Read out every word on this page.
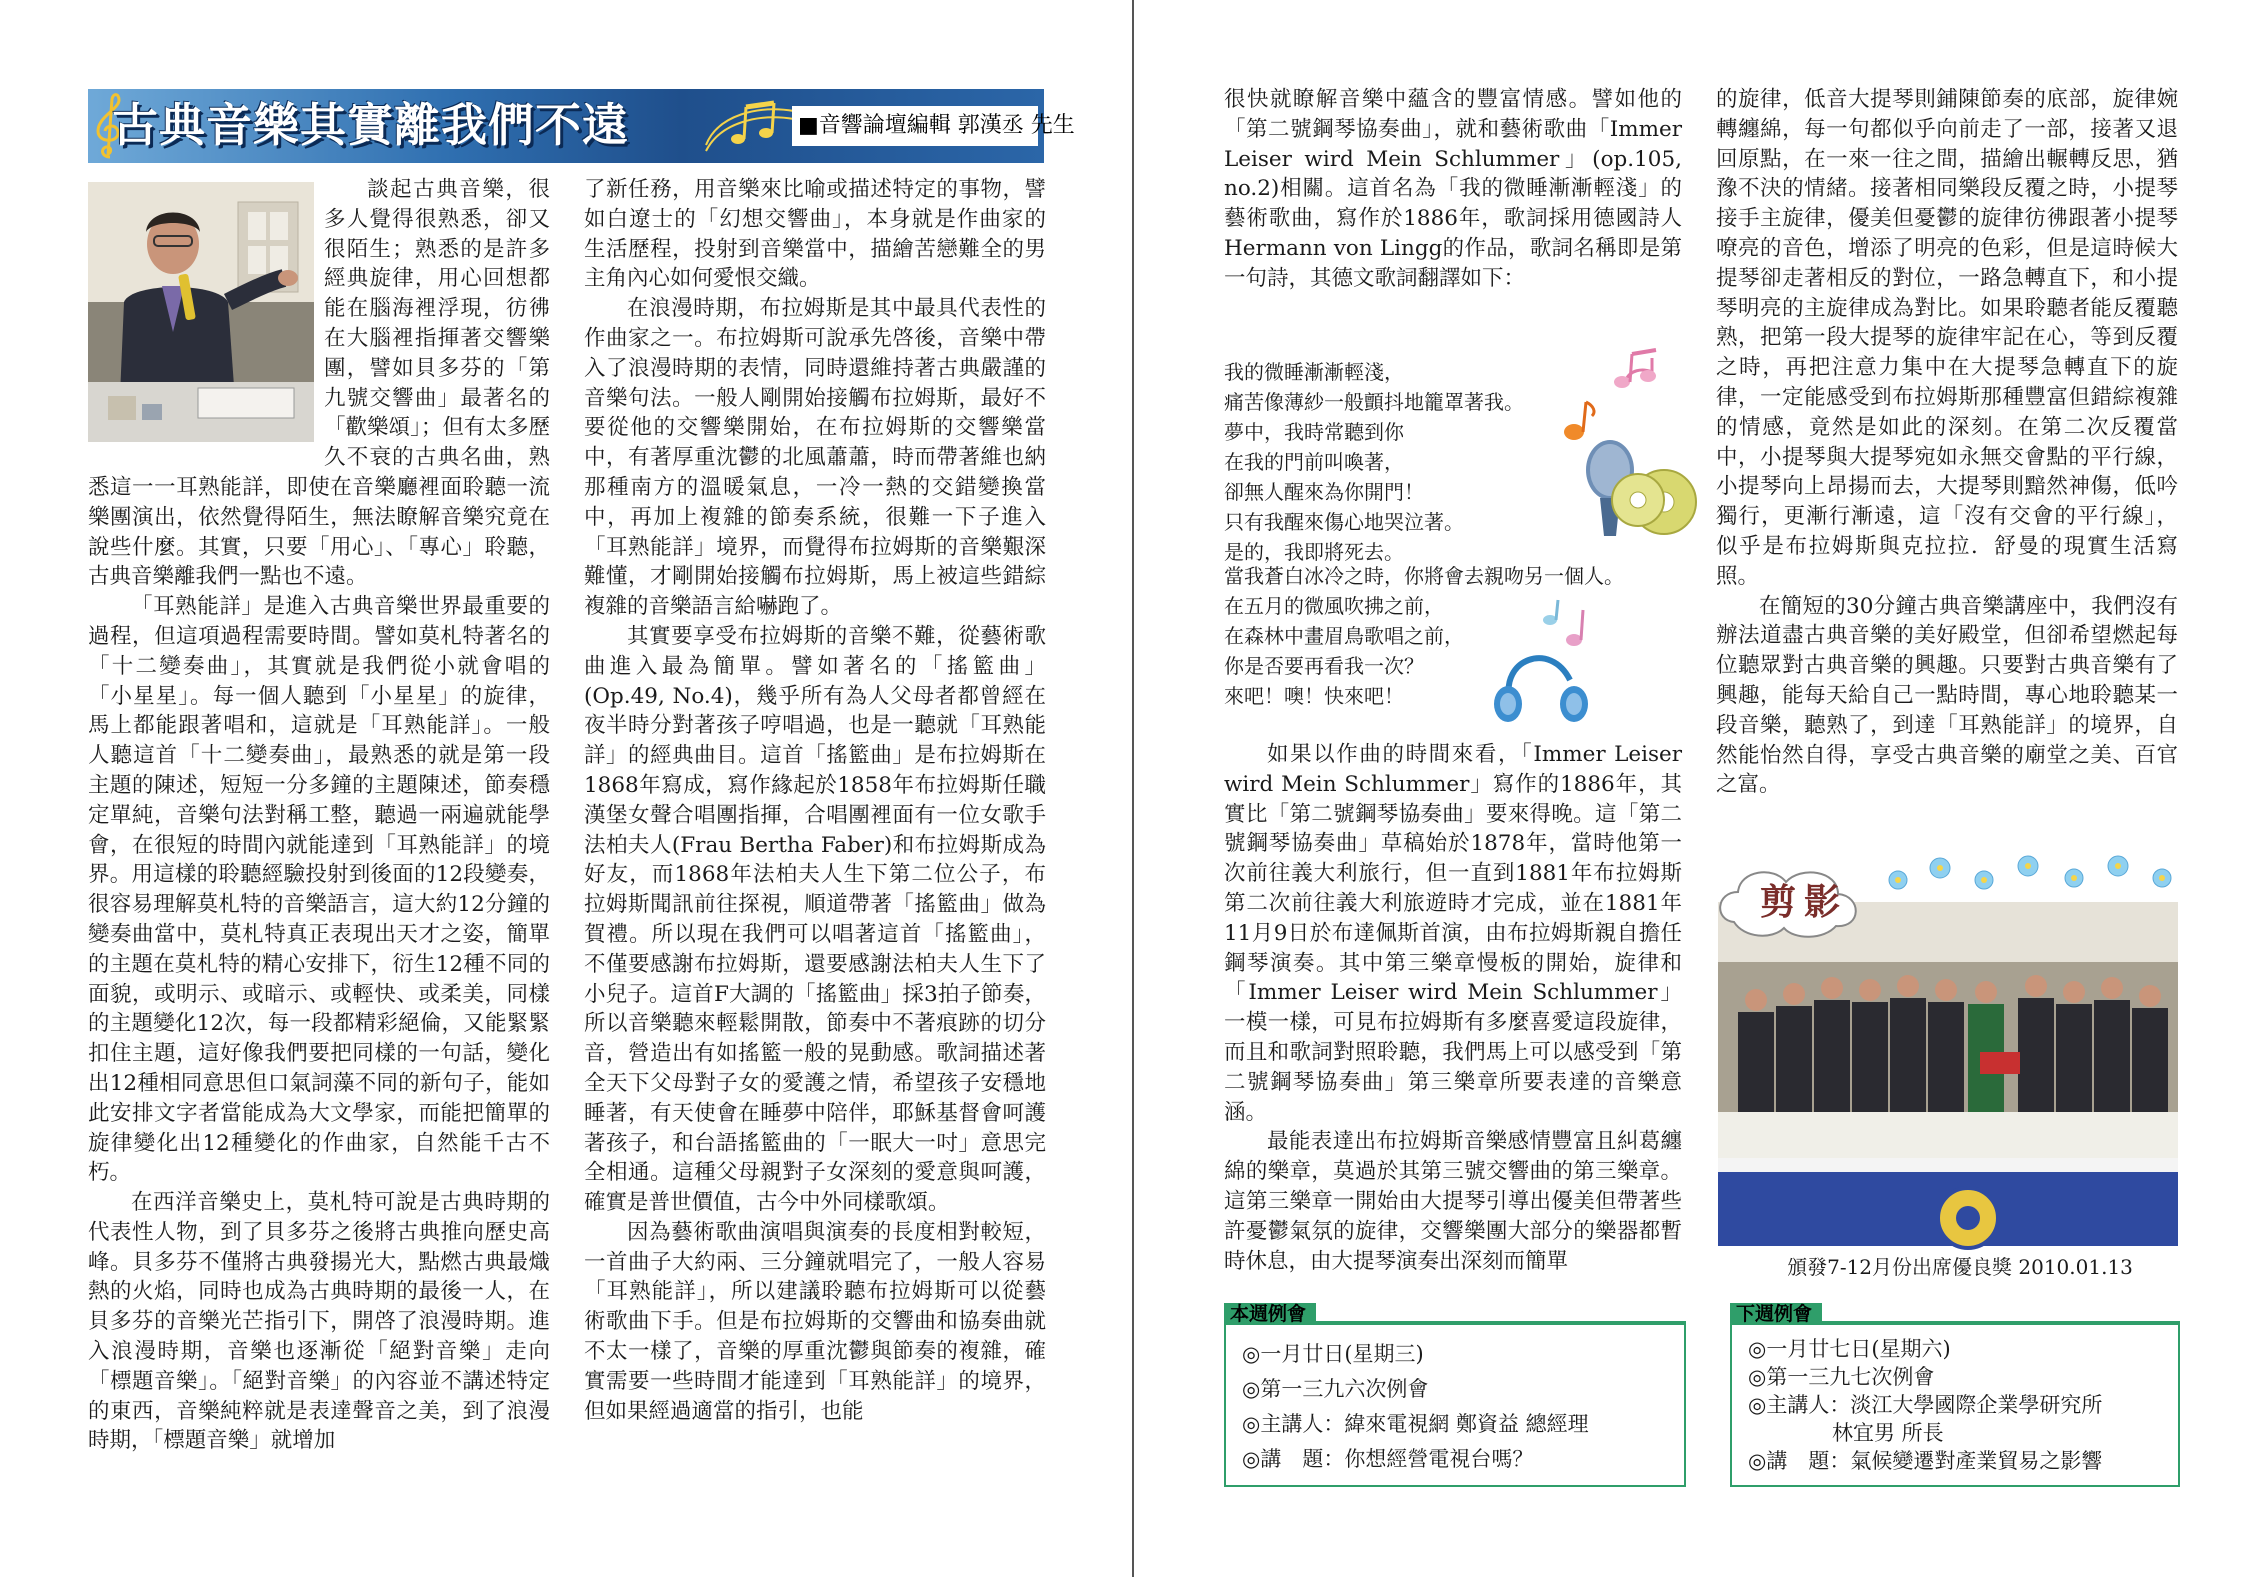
古典音樂其實離我們不遠	■音響論壇編輯 郭漢丞 先生

談起古典音樂，很多人覺得很熟悉，卻又很陌生；熟悉的是許多經典旋律，用心回想都能在腦海裡浮現，彷彿在大腦裡指揮著交響樂團，譬如貝多芬的「第九號交響曲」最著名的「歡樂頌」；但有太多歷久不衰的古典名曲，熟悉這一一耳熟能詳，即使在音樂廳裡面聆聽一流樂團演出，依然覺得陌生，無法瞭解音樂究竟在說些什麼。其實，只要「用心」、「專心」聆聽，古典音樂離我們一點也不遠。

「耳熟能詳」是進入古典音樂世界最重要的過程，但這項過程需要時間。譬如莫札特著名的「十二變奏曲」，其實就是我們從小就會唱的「小星星」。每一個人聽到「小星星」的旋律，馬上都能跟著唱和，這就是「耳熟能詳」。一般人聽這首「十二變奏曲」，最熟悉的就是第一段主題的陳述，短短一分多鐘的主題陳述，節奏穩定單純，音樂句法對稱工整，聽過一兩遍就能學會，在很短的時間內就能達到「耳熟能詳」的境界。用這樣的聆聽經驗投射到後面的12段變奏，很容易理解莫札特的音樂語言，這大約12分鐘的變奏曲當中，莫札特真正表現出天才之姿，簡單的主題在莫札特的精心安排下，衍生12種不同的面貌，或明示、或暗示、或輕快、或柔美，同樣的主題變化12次，每一段都精彩絕倫，又能緊緊扣住主題，這好像我們要把同樣的一句話，變化出12種相同意思但口氣詞藻不同的新句子，能如此安排文字者當能成為大文學家，而能把簡單的旋律變化出12種變化的作曲家，自然能千古不朽。

在西洋音樂史上，莫札特可說是古典時期的代表性人物，到了貝多芬之後將古典推向歷史高峰。貝多芬不僅將古典發揚光大，點燃古典最熾熱的火焰，同時也成為古典時期的最後一人，在貝多芬的音樂光芒指引下，開啓了浪漫時期。進入浪漫時期，音樂也逐漸從「絕對音樂」走向「標題音樂」。「絕對音樂」的內容並不講述特定的東西，音樂純粹就是表達聲音之美，到了浪漫時期，「標題音樂」就增加

了新任務，用音樂來比喻或描述特定的事物，譬如白遼士的「幻想交響曲」，本身就是作曲家的生活歷程，投射到音樂當中，描繪苦戀難全的男主角內心如何愛恨交織。

在浪漫時期，布拉姆斯是其中最具代表性的作曲家之一。布拉姆斯可說承先啓後，音樂中帶入了浪漫時期的表情，同時還維持著古典嚴謹的音樂句法。一般人剛開始接觸布拉姆斯，最好不要從他的交響樂開始，在布拉姆斯的交響樂當中，有著厚重沈鬱的北風蕭蕭，時而帶著維也納那種南方的溫暖氣息，一冷一熱的交錯變換當中，再加上複雜的節奏系統，很難一下子進入「耳熟能詳」境界，而覺得布拉姆斯的音樂艱深難懂，才剛開始接觸布拉姆斯，馬上被這些錯綜複雜的音樂語言給嚇跑了。

其實要享受布拉姆斯的音樂不難，從藝術歌曲進入最為簡單。譬如著名的「搖籃曲」(Op.49, No.4)，幾乎所有為人父母者都曾經在夜半時分對著孩子哼唱過，也是一聽就「耳熟能詳」的經典曲目。這首「搖籃曲」是布拉姆斯在1868年寫成，寫作緣起於1858年布拉姆斯任職漢堡女聲合唱團指揮，合唱團裡面有一位女歌手法柏夫人(Frau Bertha Faber)和布拉姆斯成為好友，而1868年法柏夫人生下第二位公子，布拉姆斯聞訊前往探視，順道帶著「搖籃曲」做為賀禮。所以現在我們可以唱著這首「搖籃曲」，不僅要感謝布拉姆斯，還要感謝法柏夫人生下了小兒子。這首F大調的「搖籃曲」採3拍子節奏，所以音樂聽來輕鬆開散，節奏中不著痕跡的切分音，營造出有如搖籃一般的晃動感。歌詞描述著全天下父母對子女的愛護之情，希望孩子安穩地睡著，有天使會在睡夢中陪伴，耶穌基督會呵護著孩子，和台語搖籃曲的「一眠大一吋」意思完全相通。這種父母親對子女深刻的愛意與呵護，確實是普世價值，古今中外同樣歌頌。

因為藝術歌曲演唱與演奏的長度相對較短，一首曲子大約兩、三分鐘就唱完了，一般人容易「耳熟能詳」，所以建議聆聽布拉姆斯可以從藝術歌曲下手。但是布拉姆斯的交響曲和協奏曲就不太一樣了，音樂的厚重沈鬱與節奏的複雜，確實需要一些時間才能達到「耳熟能詳」的境界，但如果經過適當的指引，也能

很快就瞭解音樂中蘊含的豐富情感。譬如他的「第二號鋼琴協奏曲」，就和藝術歌曲「Immer Leiser wird Mein Schlummer」(op.105, no.2)相關。這首名為「我的微睡漸漸輕淺」的藝術歌曲，寫作於1886年，歌詞採用德國詩人Hermann von Lingg的作品，歌詞名稱即是第一句詩，其德文歌詞翻譯如下：

我的微睡漸漸輕淺，
痛苦像薄紗一般顫抖地籠罩著我。
夢中，我時常聽到你
在我的門前叫喚著，
卻無人醒來為你開門！
只有我醒來傷心地哭泣著。
是的，我即將死去。
當我蒼白冰冷之時，你將會去親吻另一個人。
在五月的微風吹拂之前，
在森林中畫眉鳥歌唱之前，
你是否要再看我一次？
來吧！噢！快來吧！

如果以作曲的時間來看，「Immer Leiser wird Mein Schlummer」寫作的1886年，其實比「第二號鋼琴協奏曲」要來得晚。這「第二號鋼琴協奏曲」草稿始於1878年，當時他第一次前往義大利旅行，但一直到1881年布拉姆斯第二次前往義大利旅遊時才完成，並在1881年11月9日於布達佩斯首演，由布拉姆斯親自擔任鋼琴演奏。其中第三樂章慢板的開始，旋律和「Immer Leiser wird Mein Schlummer」一模一樣，可見布拉姆斯有多麼喜愛這段旋律，而且和歌詞對照聆聽，我們馬上可以感受到「第二號鋼琴協奏曲」第三樂章所要表達的音樂意涵。

最能表達出布拉姆斯音樂感情豐富且糾葛纏綿的樂章，莫過於其第三號交響曲的第三樂章。這第三樂章一開始由大提琴引導出優美但帶著些許憂鬱氣氛的旋律，交響樂團大部分的樂器都暫時休息，由大提琴演奏出深刻而簡單

的旋律，低音大提琴則鋪陳節奏的底部，旋律婉轉纏綿，每一句都似乎向前走了一部，接著又退回原點，在一來一往之間，描繪出輾轉反思，猶豫不決的情緒。接著相同樂段反覆之時，小提琴接手主旋律，優美但憂鬱的旋律彷彿跟著小提琴嘹亮的音色，增添了明亮的色彩，但是這時候大提琴卻走著相反的對位，一路急轉直下，和小提琴明亮的主旋律成為對比。如果聆聽者能反覆聽熟，把第一段大提琴的旋律牢記在心，等到反覆之時，再把注意力集中在大提琴急轉直下的旋律，一定能感受到布拉姆斯那種豐富但錯綜複雜的情感，竟然是如此的深刻。在第二次反覆當中，小提琴與大提琴宛如永無交會點的平行線，小提琴向上昂揚而去，大提琴則黯然神傷，低吟獨行，更漸行漸遠，這「沒有交會的平行線」，似乎是布拉姆斯與克拉拉．舒曼的現實生活寫照。

在簡短的30分鐘古典音樂講座中，我們沒有辦法道盡古典音樂的美好殿堂，但卻希望燃起每位聽眾對古典音樂的興趣。只要對古典音樂有了興趣，能每天給自己一點時間，專心地聆聽某一段音樂，聽熟了，到達「耳熟能詳」的境界，自然能怡然自得，享受古典音樂的廟堂之美、百官之富。

剪影
頒發7-12月份出席優良獎 2010.01.13
本週例會
◎一月廿日(星期三)
◎第一三九六次例會
◎主講人：緯來電視網 鄭資益 總經理
◎講　題：你想經營電視台嗎？
下週例會
◎一月廿七日(星期六)
◎第一三九七次例會
◎主講人：淡江大學國際企業學研究所
　　　　林宜男 所長
◎講　題：氣候變遷對產業貿易之影響
